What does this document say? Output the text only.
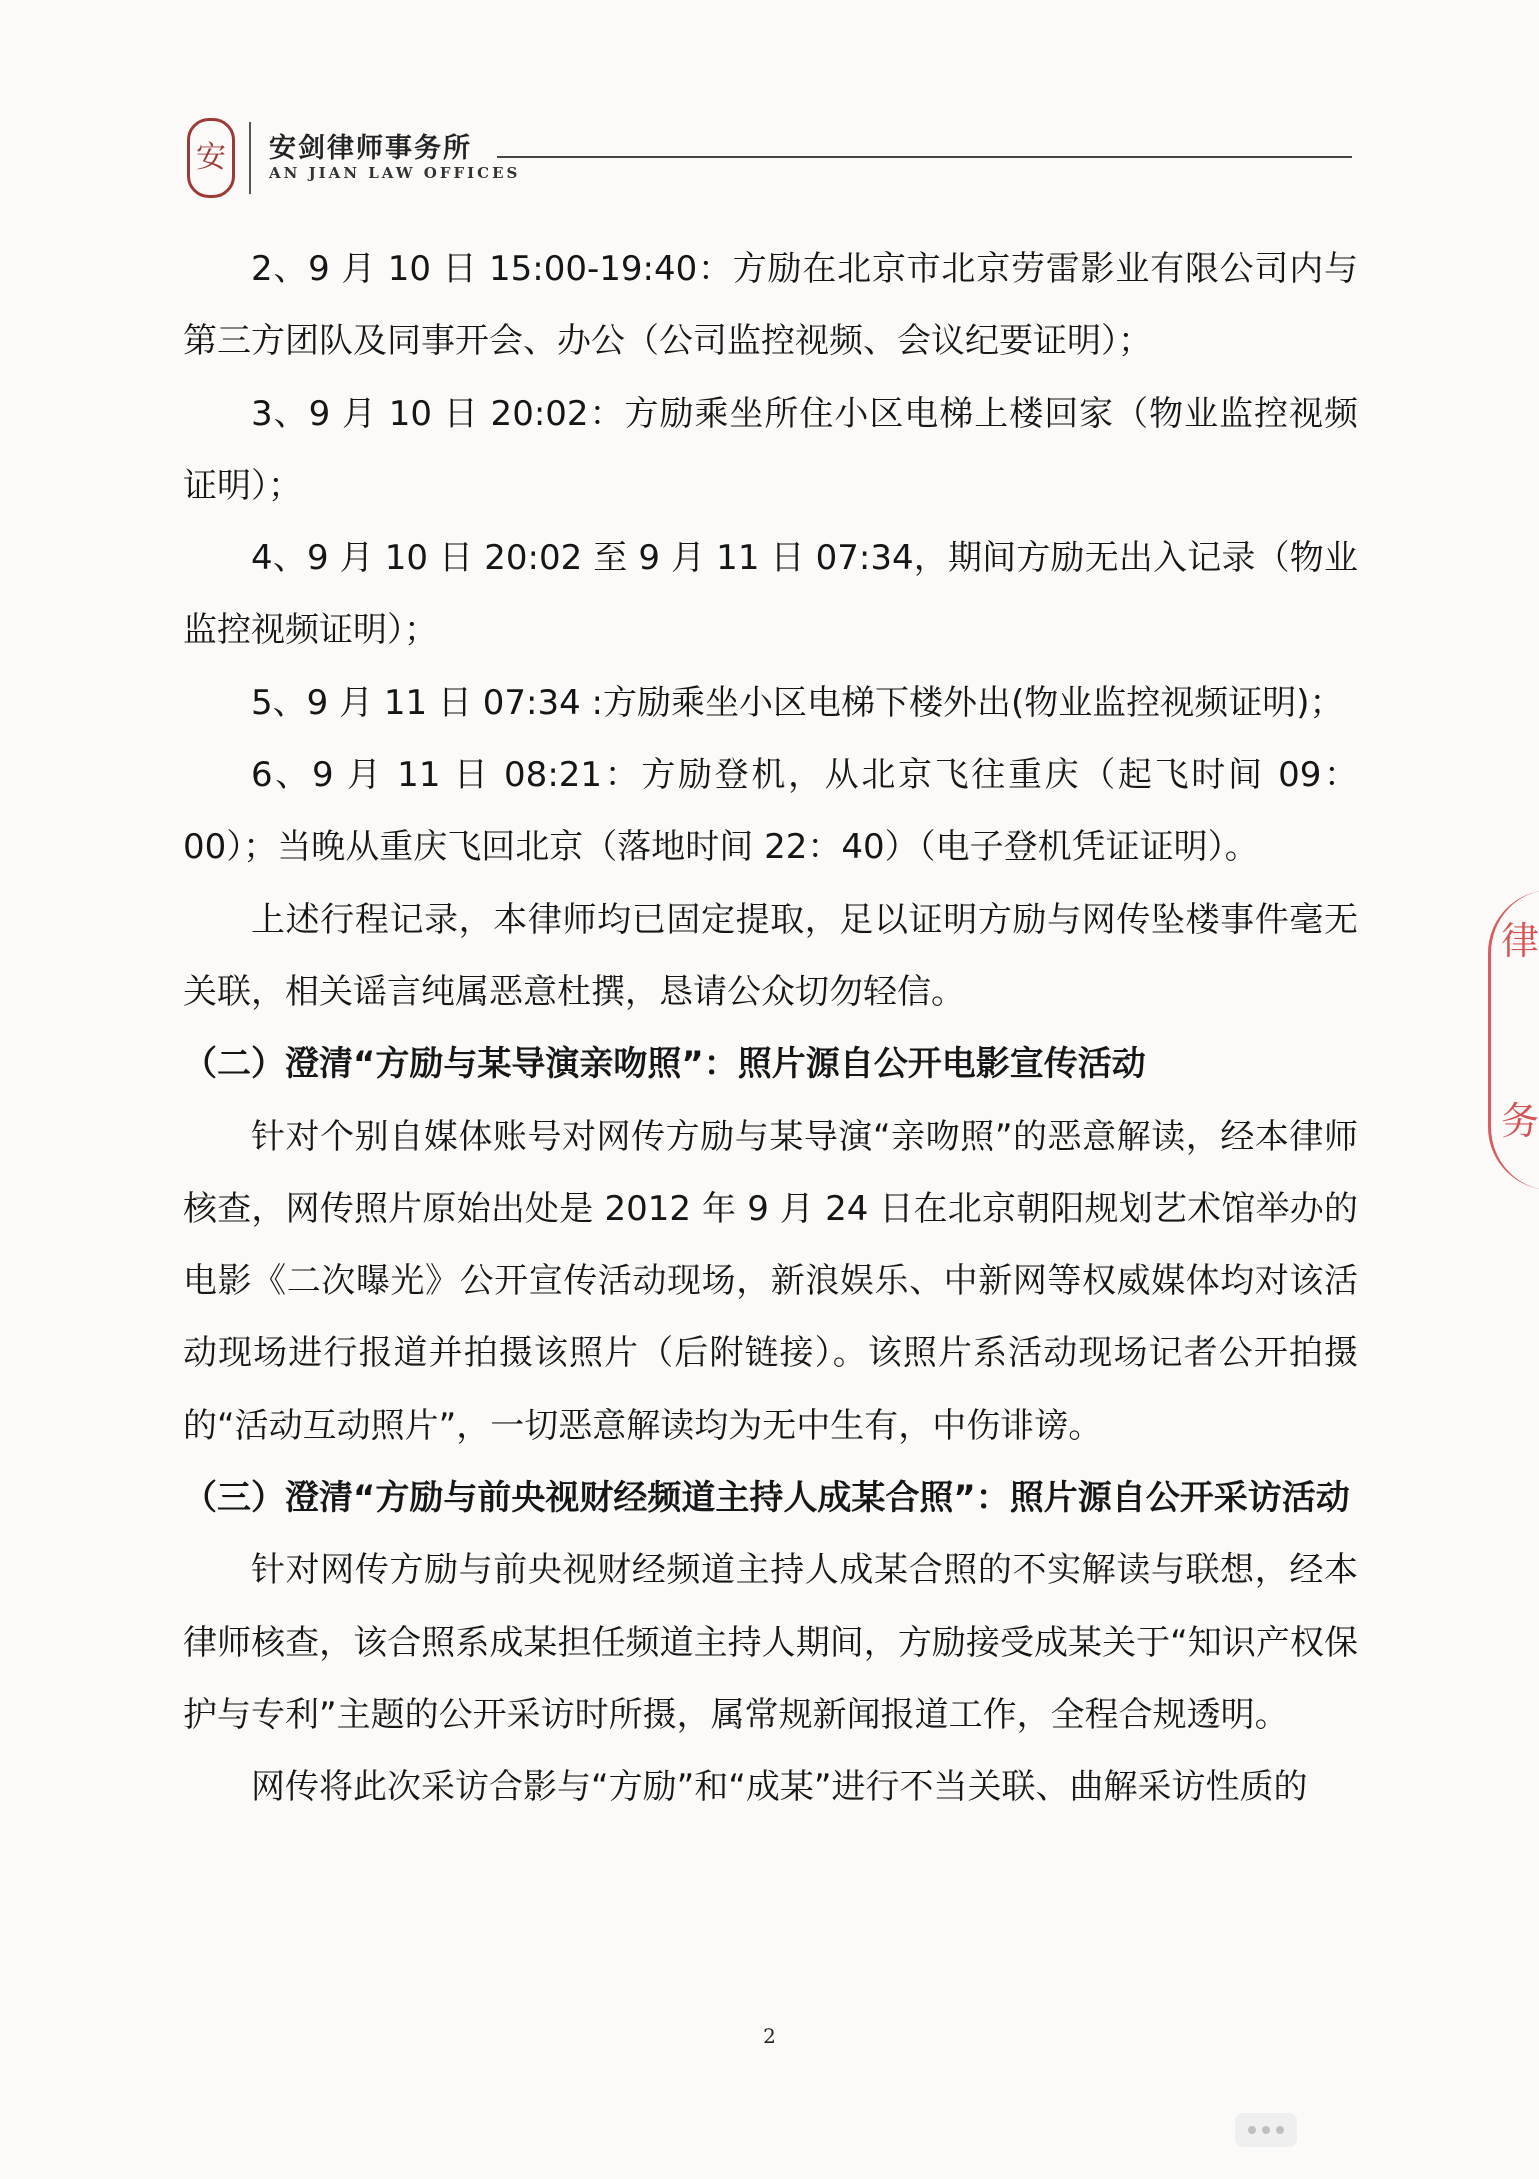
安 安剑律师事务所
AN JIAN LAW OFFICES

2、9 月 10 日 15:00-19:40：方励在北京市北京劳雷影业有限公司内与第三方团队及同事开会、办公（公司监控视频、会议纪要证明）；

3、9 月 10 日 20:02：方励乘坐所住小区电梯上楼回家（物业监控视频证明）；

4、9 月 10 日 20:02 至 9 月 11 日 07:34，期间方励无出入记录（物业监控视频证明）；

5、9 月 11 日 07:34 :方励乘坐小区电梯下楼外出(物业监控视频证明)；

6、9 月 11 日 08:21：方励登机，从北京飞往重庆（起飞时间 09：00）；当晚从重庆飞回北京（落地时间 22：40）（电子登机凭证证明）。

上述行程记录，本律师均已固定提取，足以证明方励与网传坠楼事件毫无关联，相关谣言纯属恶意杜撰，恳请公众切勿轻信。

（二）澄清“方励与某导演亲吻照”：照片源自公开电影宣传活动

针对个别自媒体账号对网传方励与某导演“亲吻照”的恶意解读，经本律师核查，网传照片原始出处是 2012 年 9 月 24 日在北京朝阳规划艺术馆举办的电影《二次曝光》公开宣传活动现场，新浪娱乐、中新网等权威媒体均对该活动现场进行报道并拍摄该照片（后附链接）。该照片系活动现场记者公开拍摄的“活动互动照片”，一切恶意解读均为无中生有，中伤诽谤。

（三）澄清“方励与前央视财经频道主持人成某合照”：照片源自公开采访活动

针对网传方励与前央视财经频道主持人成某合照的不实解读与联想，经本律师核查，该合照系成某担任频道主持人期间，方励接受成某关于“知识产权保护与专利”主题的公开采访时所摄，属常规新闻报道工作，全程合规透明。

网传将此次采访合影与“方励”和“成某”进行不当关联、曲解采访性质的

律
务
2
